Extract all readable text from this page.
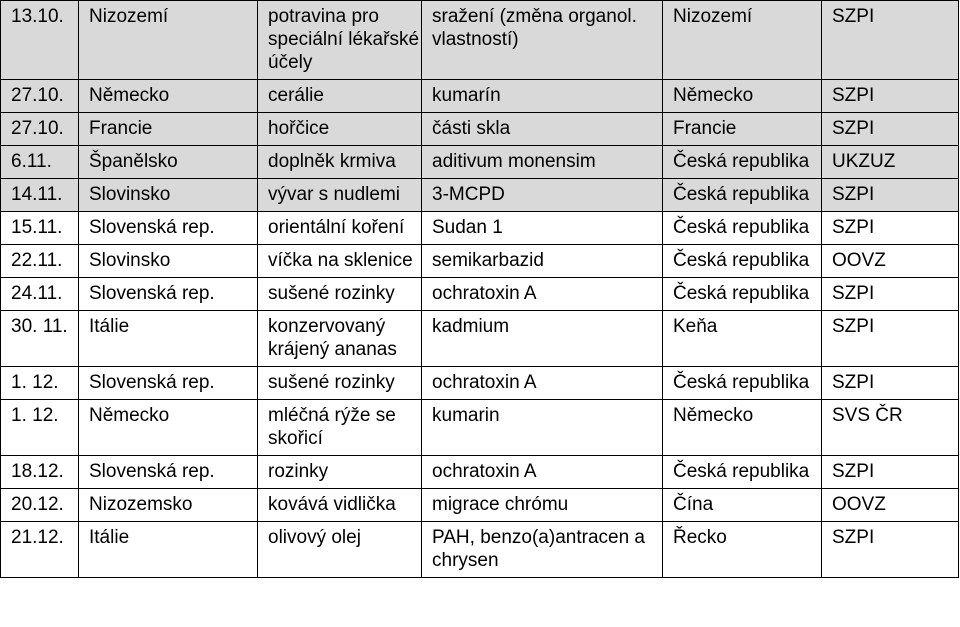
13.10.	Nizozemí	potravina pro speciální lékařské účely	sražení (změna organol. vlastností)	Nizozemí	SZPI
27.10.	Německo	cerálie	kumarín	Německo	SZPI
27.10.	Francie	hořčice	části skla	Francie	SZPI
6.11.	Španělsko	doplněk krmiva	aditivum monensim	Česká republika	UKZUZ
14.11.	Slovinsko	vývar s nudlemi	3-MCPD	Česká republika	SZPI
15.11.	Slovenská rep.	orientální koření	Sudan 1	Česká republika	SZPI
22.11.	Slovinsko	víčka na sklenice	semikarbazid	Česká republika	OOVZ
24.11.	Slovenská rep.	sušené rozinky	ochratoxin A	Česká republika	SZPI
30. 11.	Itálie	konzervovaný krájený ananas	kadmium	Keňa	SZPI
1. 12.	Slovenská rep.	sušené rozinky	ochratoxin A	Česká republika	SZPI
1. 12.	Německo	mléčná rýže se skořicí	kumarin	Německo	SVS ČR
18.12.	Slovenská rep.	rozinky	ochratoxin A	Česká republika	SZPI
20.12.	Nizozemsko	kovává vidlička	migrace chrómu	Čína	OOVZ
21.12.	Itálie	olivový olej	PAH, benzo(a)antracen a chrysen	Řecko	SZPI
